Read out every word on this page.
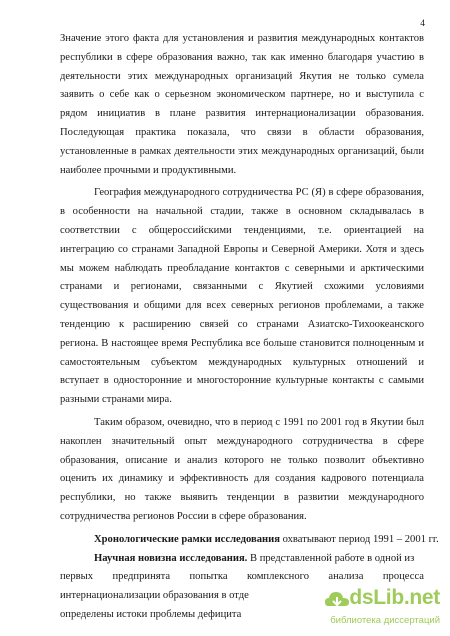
4
Значение этого факта для установления и развития международных контактов
республики в сфере образования важно, так как именно благодаря участию в
деятельности этих международных организаций Якутия не только сумела
заявить о себе как о серьезном экономическом партнере, но и выступила с
рядом инициатив в плане развития интернационализации образования.
Последующая практика показала, что связи в области образования,
установленные в рамках деятельности этих международных организаций, были
наиболее прочными и продуктивными.
География международного сотрудничества РС (Я) в сфере образования,
в особенности на начальной стадии, также в основном складывалась в
соответствии с общероссийскими тенденциями, т.е. ориентацией на
интеграцию со странами Западной Европы и Северной Америки. Хотя и здесь
мы можем наблюдать преобладание контактов с северными и арктическими
странами и регионами, связанными с Якутией схожими условиями
существования и общими для всех северных регионов проблемами, а также
тенденцию к расширению связей со странами Азиатско-Тихоокеанского
региона. В настоящее время Республика все больше становится полноценным и
самостоятельным субъектом международных культурных отношений и
вступает в односторонние и многосторонние культурные контакты с самыми
разными странами мира.
Таким образом, очевидно, что в период с 1991 по 2001 год в Якутии был
накоплен значительный опыт международного сотрудничества в сфере
образования, описание и анализ которого не только позволит объективно
оценить их динамику и эффективность для создания кадрового потенциала
республики, но также выявить тенденции в развитии международного
сотрудничества регионов России в сфере образования.
Хронологические рамки исследования охватывают период 1991 – 2001 гг.
Научная новизна исследования. В представленной работе в одной из
первых предпринята попытка комплексного анализа процесса
интернационализации образования в отде
определены истоки проблемы дефицита
dsLib.net
библиотека диссертаций
